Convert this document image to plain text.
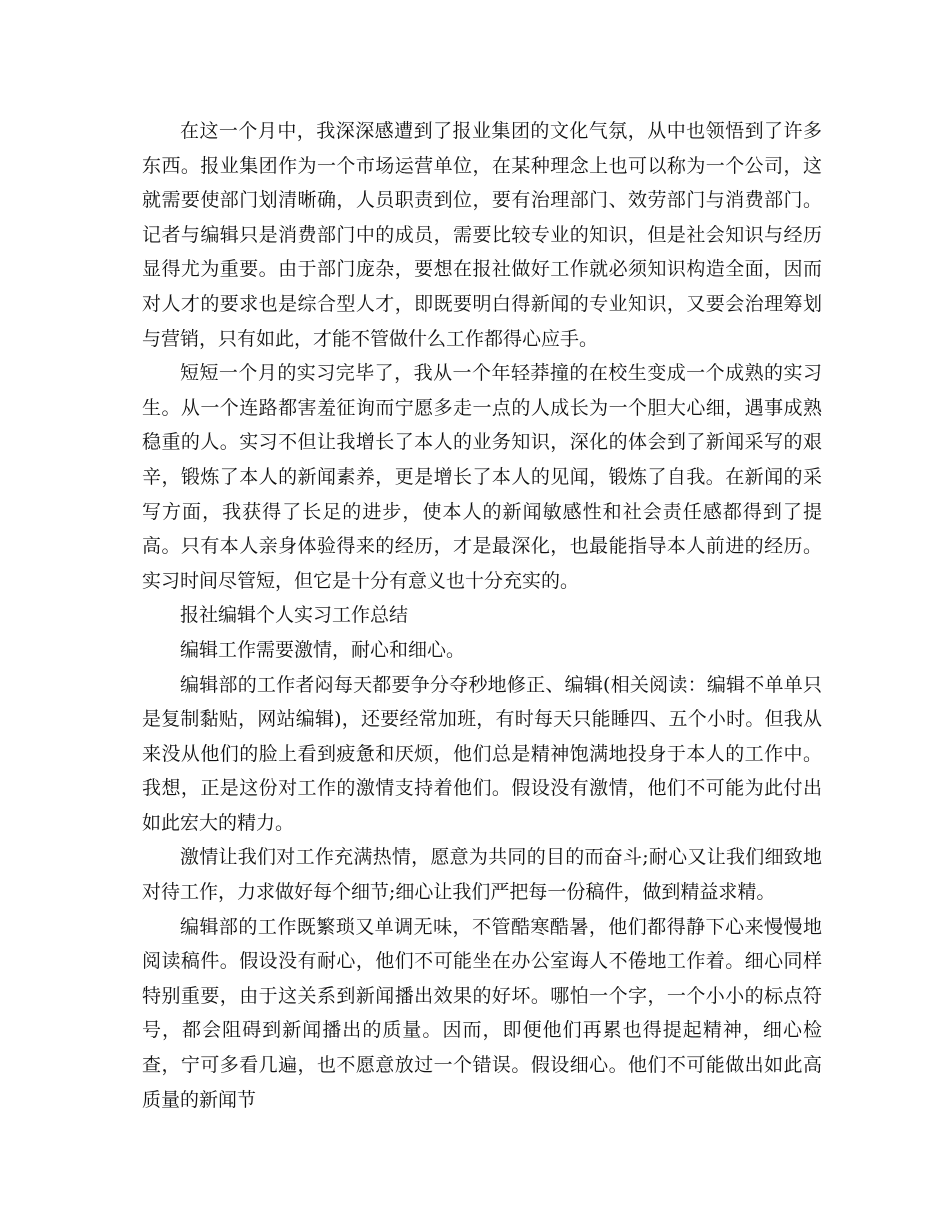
在这一个月中，我深深感遭到了报业集团的文化气氛，从中也领悟到了许多东西。报业集团作为一个市场运营单位，在某种理念上也可以称为一个公司，这就需要使部门划清晰确，人员职责到位，要有治理部门、效劳部门与消费部门。记者与编辑只是消费部门中的成员，需要比较专业的知识，但是社会知识与经历显得尤为重要。由于部门庞杂，要想在报社做好工作就必须知识构造全面，因而对人才的要求也是综合型人才，即既要明白得新闻的专业知识，又要会治理筹划与营销，只有如此，才能不管做什么工作都得心应手。

短短一个月的实习完毕了，我从一个年轻莽撞的在校生变成一个成熟的实习生。从一个连路都害羞征询而宁愿多走一点的人成长为一个胆大心细，遇事成熟稳重的人。实习不但让我增长了本人的业务知识，深化的体会到了新闻采写的艰辛，锻炼了本人的新闻素养，更是增长了本人的见闻，锻炼了自我。在新闻的采写方面，我获得了长足的进步，使本人的新闻敏感性和社会责任感都得到了提高。只有本人亲身体验得来的经历，才是最深化，也最能指导本人前进的经历。实习时间尽管短，但它是十分有意义也十分充实的。

报社编辑个人实习工作总结

编辑工作需要激情，耐心和细心。

编辑部的工作者闷每天都要争分夺秒地修正、编辑(相关阅读：编辑不单单只是复制黏贴，网站编辑)，还要经常加班，有时每天只能睡四、五个小时。但我从来没从他们的脸上看到疲惫和厌烦，他们总是精神饱满地投身于本人的工作中。我想，正是这份对工作的激情支持着他们。假设没有激情，他们不可能为此付出如此宏大的精力。

激情让我们对工作充满热情，愿意为共同的目的而奋斗;耐心又让我们细致地对待工作，力求做好每个细节;细心让我们严把每一份稿件，做到精益求精。

编辑部的工作既繁琐又单调无味，不管酷寒酷暑，他们都得静下心来慢慢地阅读稿件。假设没有耐心，他们不可能坐在办公室诲人不倦地工作着。细心同样特别重要，由于这关系到新闻播出效果的好坏。哪怕一个字，一个小小的标点符号，都会阻碍到新闻播出的质量。因而，即便他们再累也得提起精神，细心检查，宁可多看几遍，也不愿意放过一个错误。假设细心。他们不可能做出如此高质量的新闻节
